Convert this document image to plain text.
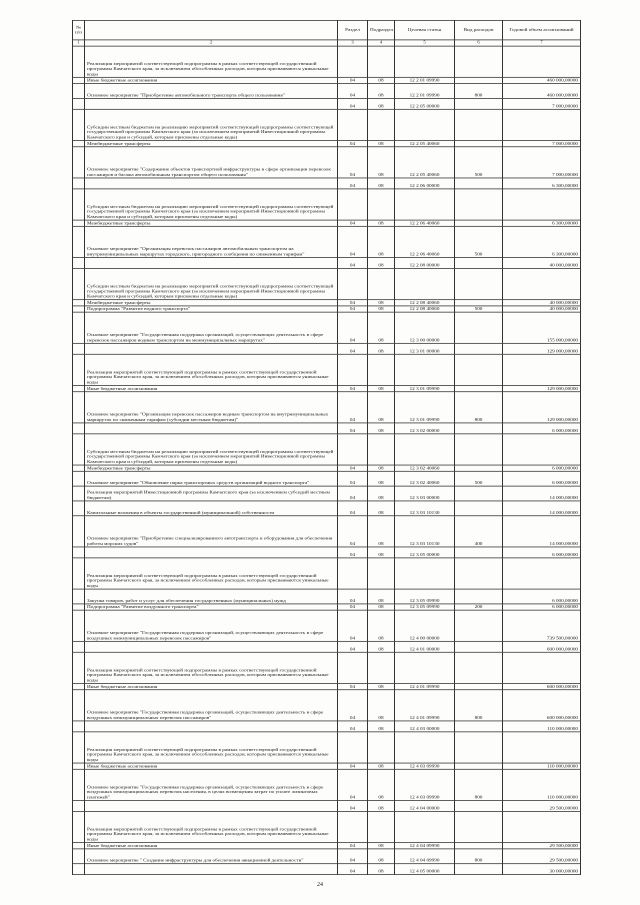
№ п/п		Раздел	Подраздел	Целевая статья	Вид расходов	Годовой объем ассигнований
1	2	3	4	5	6	7
	Реализация мероприятий соответствующей подпрограммы в рамках соответствующей государственной программы Камчатского края, за исключением обособленных расходов, которым присваиваются уникальные коды					
	Иные бюджетные ассигнования	04	08	12 2 01 09990		460 000,00000
	Основное мероприятие "Приобретение автомобильного транспорта общего пользования"	04	08	12 2 01 09990	800	460 000,00000
		04	08	12 2 05 00000		7 000,00000
	Субсидии местным бюджетам на реализацию мероприятий соответствующей подпрограммы соответствующей государственной программы Камчатского края (за исключением мероприятий Инвестиционной программы Камчатского края и субсидий, которым присвоены отдельные коды)					
	Межбюджетные трансферты	04	08	12 2 05 40060		7 000,00000
	Основное мероприятие "Содержание объектов транспортной инфраструктуры в сфере организации перевозок пассажиров и багажа автомобильным транспортом общего пользования"	04	08	12 2 05 40060	500	7 000,00000
		04	08	12 2 06 00000		6 300,00000
	Субсидии местным бюджетам на реализацию мероприятий соответствующей подпрограммы соответствующей государственной программы Камчатского края (за исключением мероприятий Инвестиционной программы Камчатского края и субсидий, которым присвоены отдельные коды)					
	Межбюджетные трансферты	04	08	12 2 06 40060		6 300,00000
	Основное мероприятие "Организация перевозок пассажиров автомобильным транспортом на внутримуниципальных маршрутах городского, пригородного сообщения по сниженным тарифам"	04	08	12 2 06 40060	500	6 300,00000
		04	08	12 2 08 00000		40 000,00000
	Субсидии местным бюджетам на реализацию мероприятий соответствующей подпрограммы соответствующей государственной программы Камчатского края (за исключением мероприятий Инвестиционной программы Камчатского края и субсидий, которым присвоены отдельные коды)					
	Межбюджетные трансферты	04	08	12 2 08 40060		40 000,00000
	Подпрограмма "Развитие водного транспорта"	04	08	12 2 08 40060	500	40 000,00000
	Основное мероприятие "Государственная поддержка организаций, осуществляющих деятельность в сфере перевозок пассажиров водным транспортом на межмуниципальных маршрутах"	04	08	12 3 00 00000		155 000,00000
		04	08	12 3 01 00000		129 000,00000
	Реализация мероприятий соответствующей подпрограммы в рамках соответствующей государственной программы Камчатского края, за исключением обособленных расходов, которым присваиваются уникальные коды					
	Иные бюджетные ассигнования	04	08	12 3 01 09990		129 000,00000
	Основное мероприятие "Организация перевозок пассажиров водным транспортом на внутримуниципальных маршрутах по сниженным тарифам (субсидии местным бюджетам)"	04	08	12 3 01 09990	800	129 000,00000
		04	08	12 3 02 00000		6 000,00000
	Субсидии местным бюджетам на реализацию мероприятий соответствующей подпрограммы соответствующей государственной программы Камчатского края (за исключением мероприятий Инвестиционной программы Камчатского края и субсидий, которым присвоены отдельные коды)					
	Межбюджетные трансферты	04	08	12 3 02 40060		6 000,00000
	Основное мероприятие "Обновление парка транспортных средств организаций водного транспорта"	04	08	12 3 02 40060	500	6 000,00000
	Реализация мероприятий Инвестиционной программы Камчатского края (за исключением субсидий местным бюджетам)	04	08	12 3 03 00000		14 000,00000
	Капитальные вложения в объекты государственной (муниципальной) собственности	04	08	12 3 03 10130		14 000,00000
	Основное мероприятие "Приобретение специализированного автотранспорта и оборудования для обеспечения работы морских судов"	04	08	12 3 03 10130	400	14 000,00000
		04	08	12 3 05 00000		6 000,00000
	Реализация мероприятий соответствующей подпрограммы в рамках соответствующей государственной программы Камчатского края, за исключением обособленных расходов, которым присваиваются уникальные коды					
	Закупка товаров, работ и услуг для обеспечения государственных (муниципальных) нужд	04	08	12 3 05 09990		6 000,00000
	Подпрограмма "Развитие воздушного транспорта"	04	08	12 3 05 09990	200	6 000,00000
	Основное мероприятие "Государственная поддержка организаций, осуществляющих деятельность в сфере воздушных межмуниципальных перевозок пассажиров"	04	08	12 4 00 00000		739 500,00000
		04	08	12 4 01 00000		600 000,00000
	Реализация мероприятий соответствующей подпрограммы в рамках соответствующей государственной программы Камчатского края, за исключением обособленных расходов, которым присваиваются уникальные коды					
	Иные бюджетные ассигнования	04	08	12 4 01 09990		600 000,00000
	Основное мероприятие "Государственная поддержка организаций, осуществляющих деятельность в сфере воздушных межмуниципальных перевозок пассажиров"	04	08	12 4 01 09990	800	600 000,00000
		04	08	12 4 03 00000		110 000,00000
	Реализация мероприятий соответствующей подпрограммы в рамках соответствующей государственной программы Камчатского края, за исключением обособленных расходов, которым присваиваются уникальные коды					
	Иные бюджетные ассигнования	04	08	12 4 03 09990		110 000,00000
	Основное мероприятие "Государственная поддержка организаций, осуществляющих деятельность в сфере воздушных межмуниципальных перевозок населения, в целях возмещения затрат по уплате лизинговых платежей"	04	08	12 4 03 09990	800	110 000,00000
		04	08	12 4 04 00000		29 500,00000
	Реализация мероприятий соответствующей подпрограммы в рамках соответствующей государственной программы Камчатского края, за исключением обособленных расходов, которым присваиваются уникальные коды					
	Иные бюджетные ассигнования	04	08	12 4 04 09990		29 500,00000
	Основное мероприятие " Создание инфраструктуры для обеспечения авиационной деятельности"	04	08	12 4 04 09990	800	29 500,00000
		04	08	12 4 05 00000		30 000,00000
24
